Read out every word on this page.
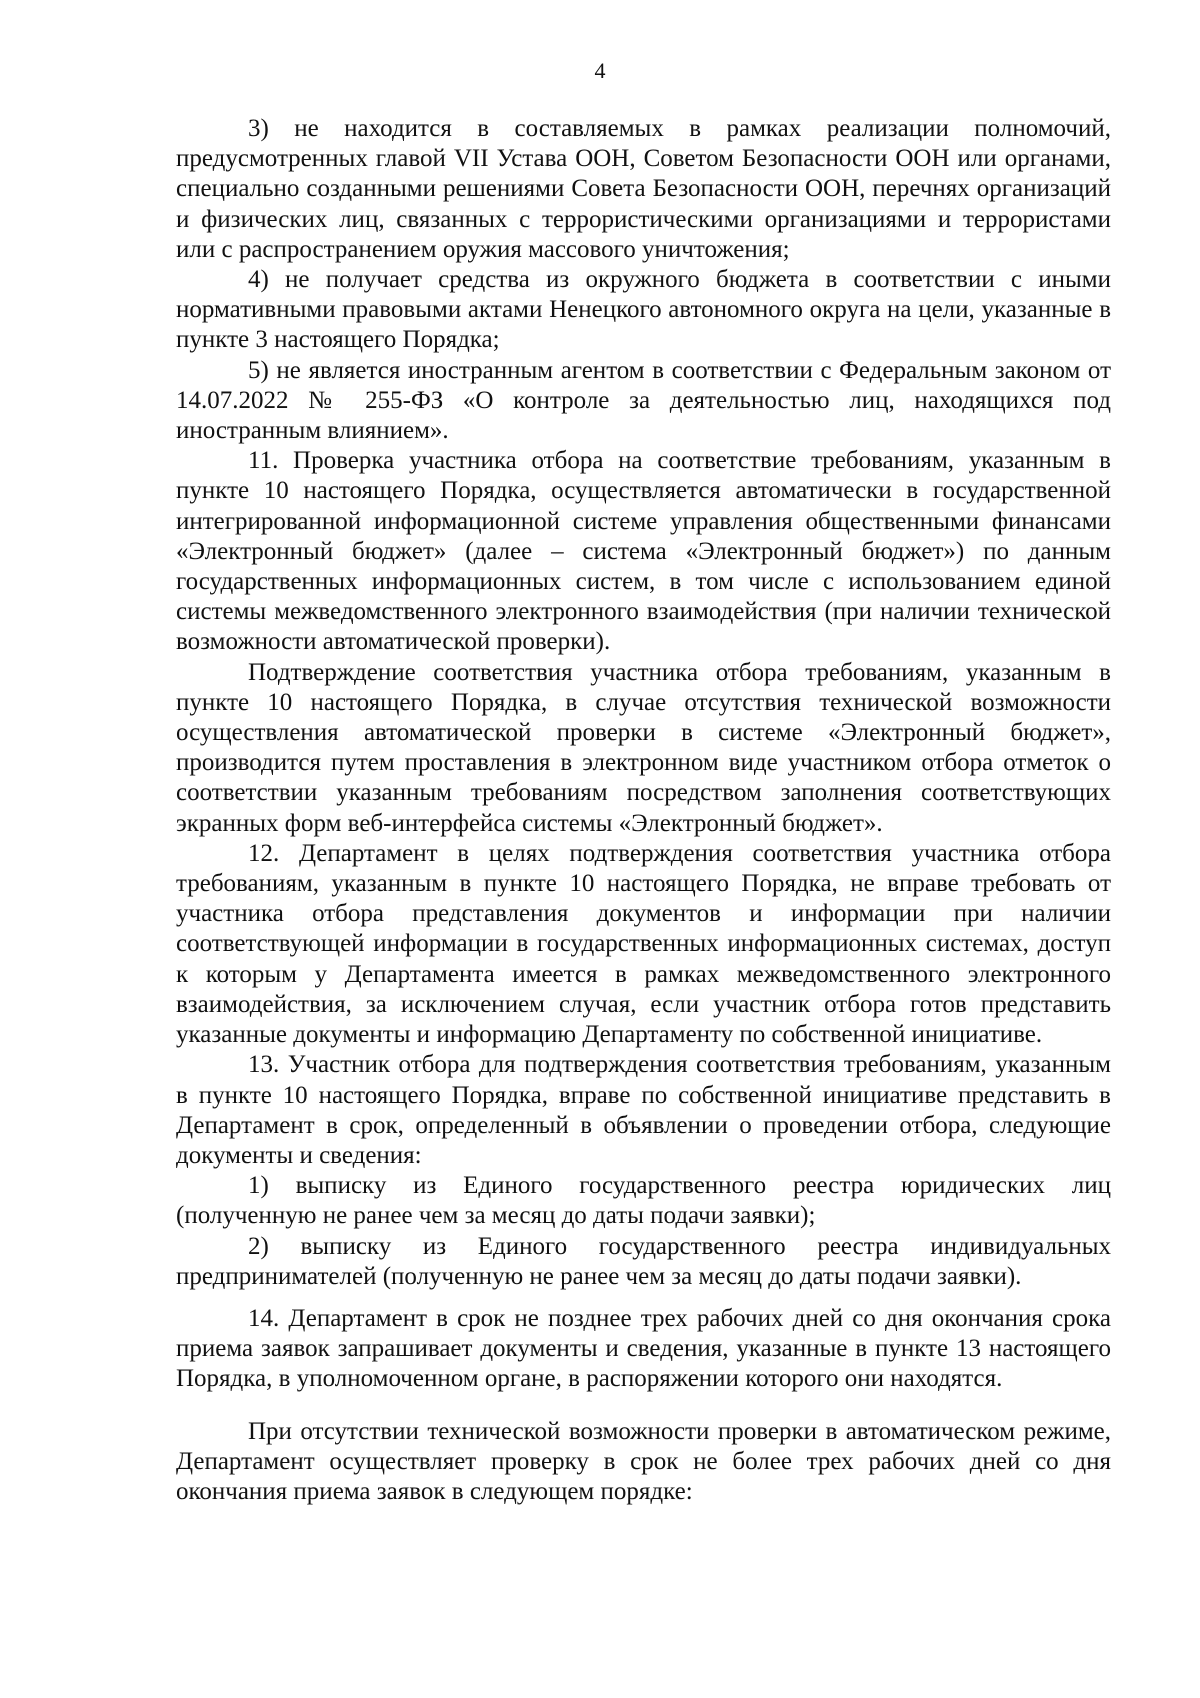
4

3) не находится в составляемых в рамках реализации полномочий, предусмотренных главой VII Устава ООН, Советом Безопасности ООН или органами, специально созданными решениями Совета Безопасности ООН, перечнях организаций и физических лиц, связанных с террористическими организациями и террористами или с распространением оружия массового уничтожения;

4) не получает средства из окружного бюджета в соответствии с иными нормативными правовыми актами Ненецкого автономного округа на цели, указанные в пункте 3 настоящего Порядка;

5) не является иностранным агентом в соответствии с Федеральным законом от 14.07.2022 № 255-ФЗ «О контроле за деятельностью лиц, находящихся под иностранным влиянием».

11. Проверка участника отбора на соответствие требованиям, указанным в пункте 10 настоящего Порядка, осуществляется автоматически в государственной интегрированной информационной системе управления общественными финансами «Электронный бюджет» (далее – система «Электронный бюджет») по данным государственных информационных систем, в том числе с использованием единой системы межведомственного электронного взаимодействия (при наличии технической возможности автоматической проверки).

Подтверждение соответствия участника отбора требованиям, указанным в пункте 10 настоящего Порядка, в случае отсутствия технической возможности осуществления автоматической проверки в системе «Электронный бюджет», производится путем проставления в электронном виде участником отбора отметок о соответствии указанным требованиям посредством заполнения соответствующих экранных форм веб-интерфейса системы «Электронный бюджет».

12. Департамент в целях подтверждения соответствия участника отбора требованиям, указанным в пункте 10 настоящего Порядка, не вправе требовать от участника отбора представления документов и информации при наличии соответствующей информации в государственных информационных системах, доступ к которым у Департамента имеется в рамках межведомственного электронного взаимодействия, за исключением случая, если участник отбора готов представить указанные документы и информацию Департаменту по собственной инициативе.

13. Участник отбора для подтверждения соответствия требованиям, указанным в пункте 10 настоящего Порядка, вправе по собственной инициативе представить в Департамент в срок, определенный в объявлении о проведении отбора, следующие документы и сведения:

1) выписку из Единого государственного реестра юридических лиц (полученную не ранее чем за месяц до даты подачи заявки);

2) выписку из Единого государственного реестра индивидуальных предпринимателей (полученную не ранее чем за месяц до даты подачи заявки).

14. Департамент в срок не позднее трех рабочих дней со дня окончания срока приема заявок запрашивает документы и сведения, указанные в пункте 13 настоящего Порядка, в уполномоченном органе, в распоряжении которого они находятся.

При отсутствии технической возможности проверки в автоматическом режиме, Департамент осуществляет проверку в срок не более трех рабочих дней со дня окончания приема заявок в следующем порядке:
